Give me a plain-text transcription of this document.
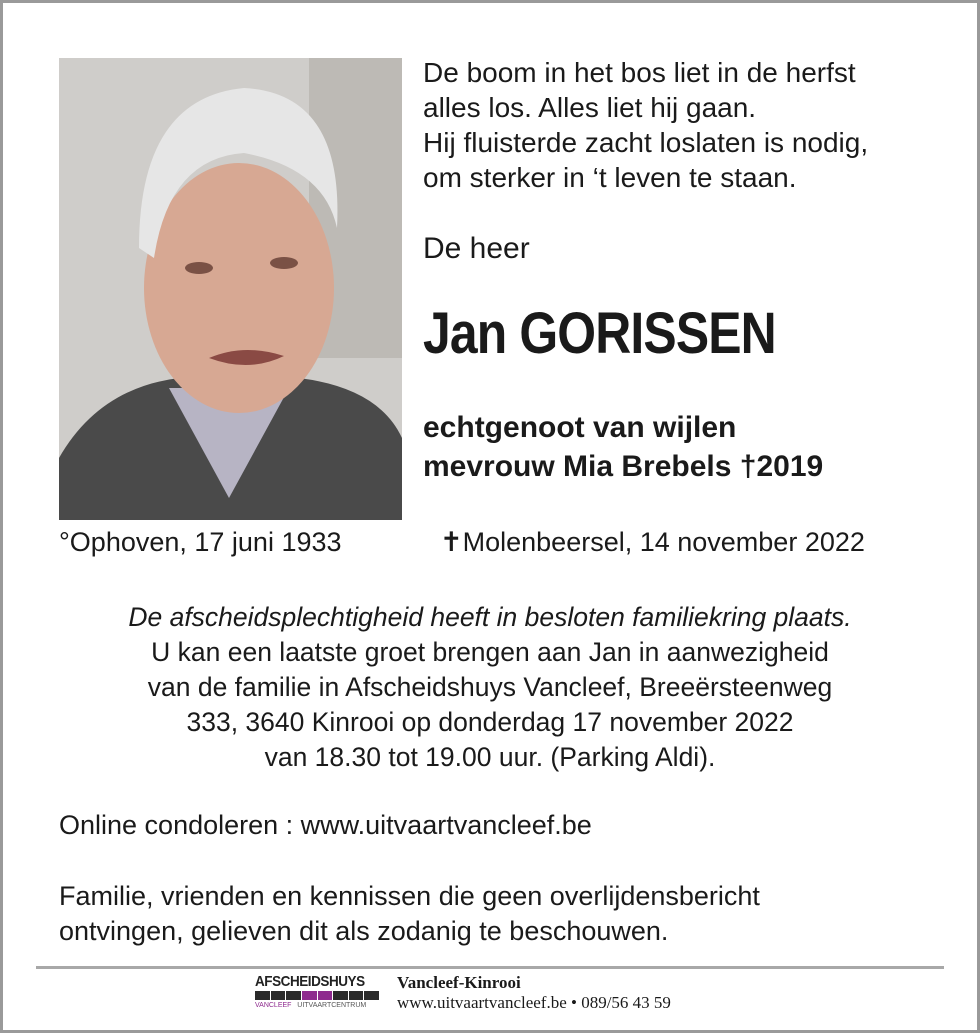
De boom in het bos liet in de herfst
alles los. Alles liet hij gaan.
Hij fluisterde zacht loslaten is nodig,
om sterker in ‘t leven te staan.
De heer
Jan GORISSEN
echtgenoot van wijlen
mevrouw Mia Brebels †2019
°Ophoven, 17 juni 1933	✝Molenbeersel, 14 november 2022
De afscheidsplechtigheid heeft in besloten familiekring plaats.
U kan een laatste groet brengen aan Jan in aanwezigheid
van de familie in Afscheidshuys Vancleef, Breeërsteenweg
333, 3640 Kinrooi op donderdag 17 november 2022
van 18.30 tot 19.00 uur. (Parking Aldi).
Online condoleren : www.uitvaartvancleef.be
Familie, vrienden en kennissen die geen overlijdensbericht
ontvingen, gelieven dit als zodanig te beschouwen.
AFSCHEIDSHUYS
VANCLEEF UITVAARTCENTRUM
Vancleef-Kinrooi
www.uitvaartvancleef.be • 089/56 43 59
